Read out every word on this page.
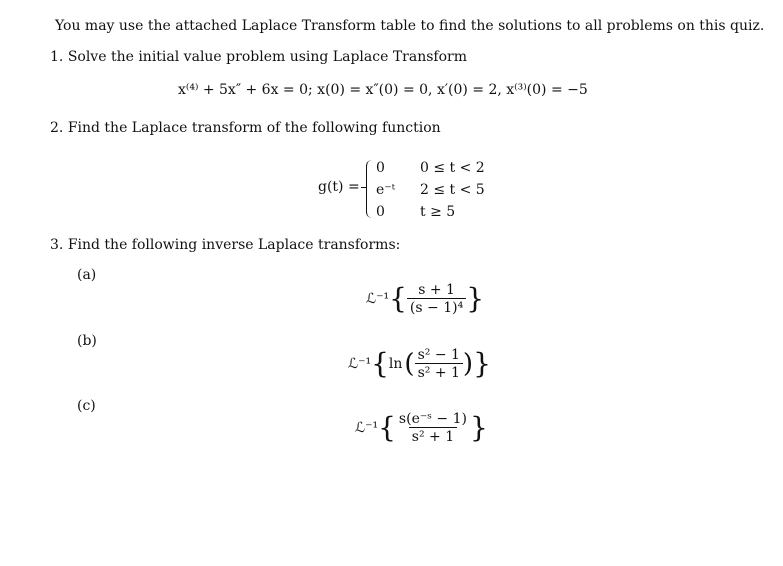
You may use the attached Laplace Transform table to find the solutions to all problems on this quiz.
1. Solve the initial value problem using Laplace Transform
x⁽⁴⁾ + 5x″ + 6x = 0; x(0) = x″(0) = 0, x′(0) = 2, x⁽³⁾(0) = −5
2. Find the Laplace transform of the following function
g(t) =
0	0 ≤ t < 2
e⁻ᵗ 2 ≤ t < 5
0	t ≥ 5
3. Find the following inverse Laplace transforms:
(a)
ℒ⁻¹ { $\frac{s + 1}{\text{(s − 1)⁴}}$ }
(b)
ℒ⁻¹ { ln ( $\frac{\text{s² − 1}}{\text{s² + 1}}$ ) }
(c)
ℒ⁻¹ { $\frac{\text{s(e⁻ˢ − 1)}}{\text{s² + 1}}$ }
